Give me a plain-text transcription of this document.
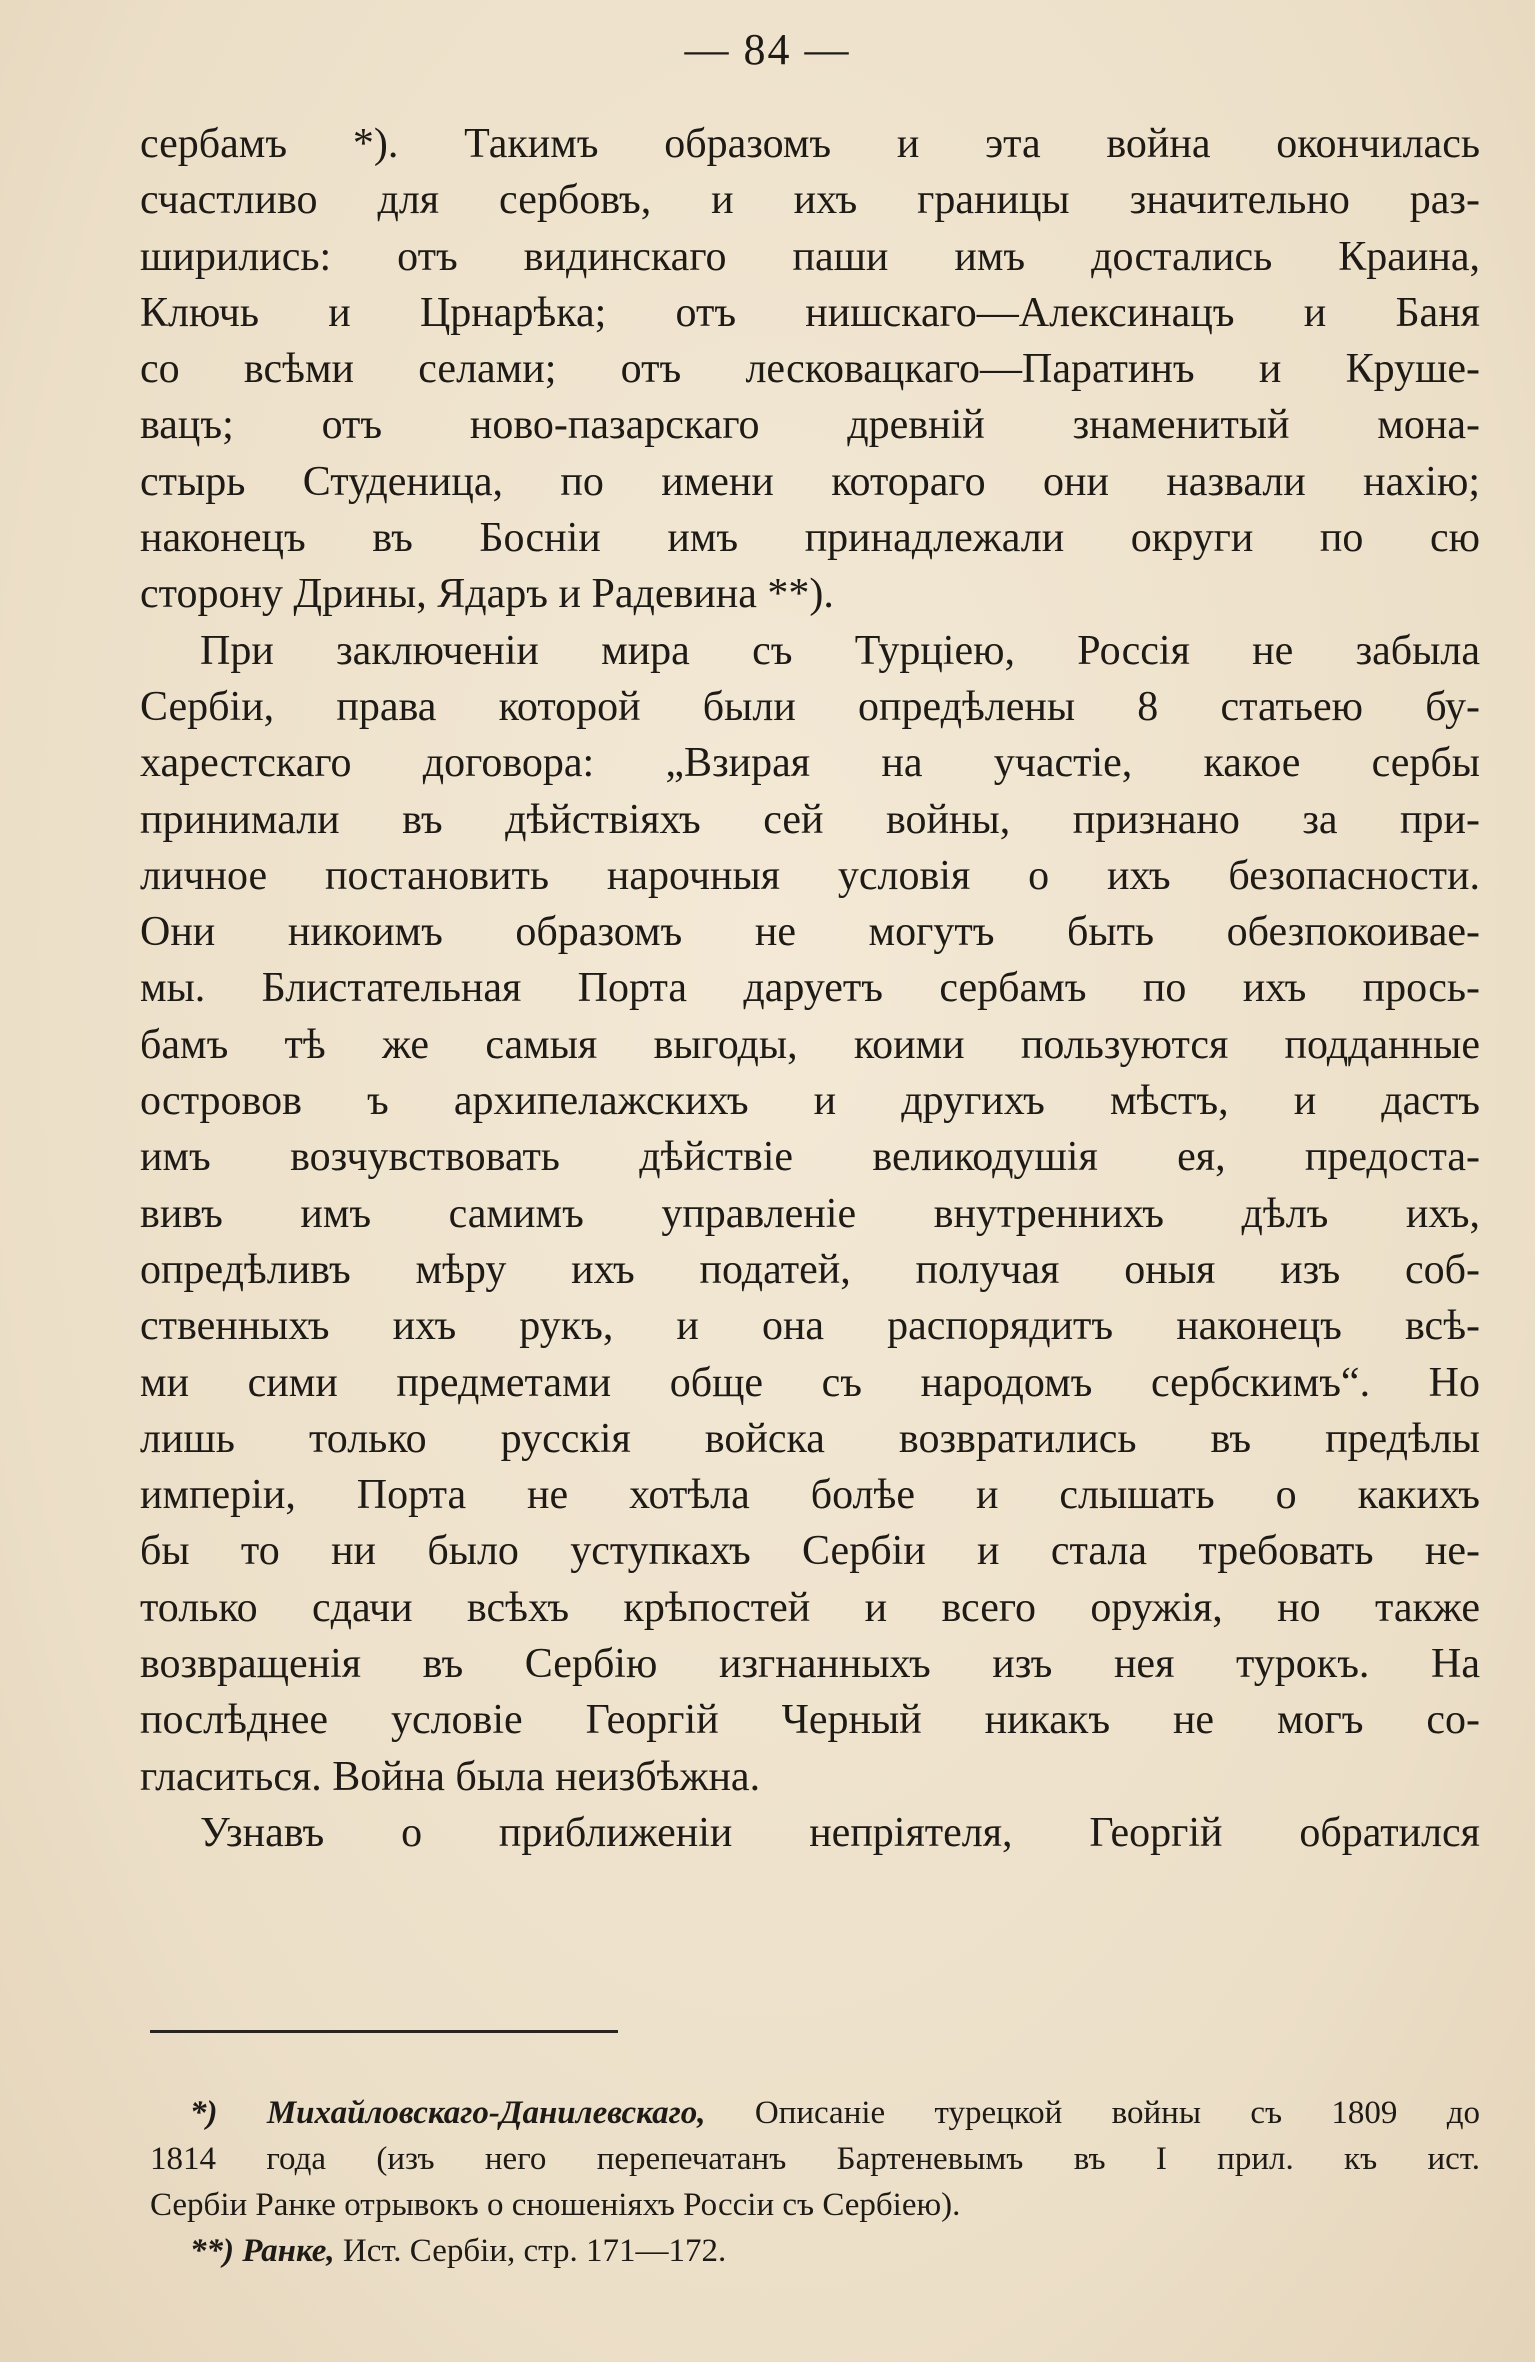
— 84 —
сербамъ *). Такимъ образомъ и эта война окончилась
счастливо для сербовъ, и ихъ границы значительно раз-
ширились: отъ видинскаго паши имъ достались Краина,
Ключь и Црнарѣка; отъ нишскаго—Алексинацъ и Баня
со всѣми селами; отъ лесковацкаго—Паратинъ и Круше-
вацъ; отъ ново-пазарскаго древнiй знаменитый мона-
стырь Студеница, по имени котораго они назвали нахiю;
наконецъ въ Боснiи имъ принадлежали округи по сю
сторону Дрины, Ядаръ и Радевина **).
При заключенiи мира съ Турцiею, Россiя не забыла
Сербiи, права которой были опредѣлены 8 статьею бу-
харестскаго договора: „Взирая на участiе, какое сербы
принимали въ дѣйствiяхъ сей войны, признано за при-
личное постановить нарочныя условiя о ихъ безопасности.
Они никоимъ образомъ не могутъ быть обезпокоивае-
мы. Блистательная Порта даруетъ сербамъ по ихъ прось-
бамъ тѣ же самыя выгоды, коими пользуются подданные
островов ъ архипелажскихъ и другихъ мѣстъ, и дастъ
имъ возчувствовать дѣйствiе великодушiя ея, предоста-
вивъ имъ самимъ управленiе внутреннихъ дѣлъ ихъ,
опредѣливъ мѣру ихъ податей, получая оныя изъ соб-
ственныхъ ихъ рукъ, и она распорядитъ наконецъ всѣ-
ми сими предметами обще съ народомъ сербскимъ“. Но
лишь только русскiя войска возвратились въ предѣлы
имперiи, Порта не хотѣла болѣе и слышать о какихъ
бы то ни было уступкахъ Сербiи и стала требовать не-
только сдачи всѣхъ крѣпостей и всего оружiя, но также
возвращенiя въ Сербiю изгнанныхъ изъ нея турокъ. На
послѣднее условiе Георгiй Черный никакъ не могъ со-
гласиться. Война была неизбѣжна.
Узнавъ о приближенiи непрiятеля, Георгiй обратился
*) Михайловскаго-Данилевскаго, Описанiе турецкой войны съ 1809 до
1814 года (изъ него перепечатанъ Бартеневымъ въ I прил. къ ист.
Сербiи Ранке отрывокъ о сношенiяхъ Россiи съ Сербiею).
**) Ранке, Ист. Сербiи, стр. 171—172.
